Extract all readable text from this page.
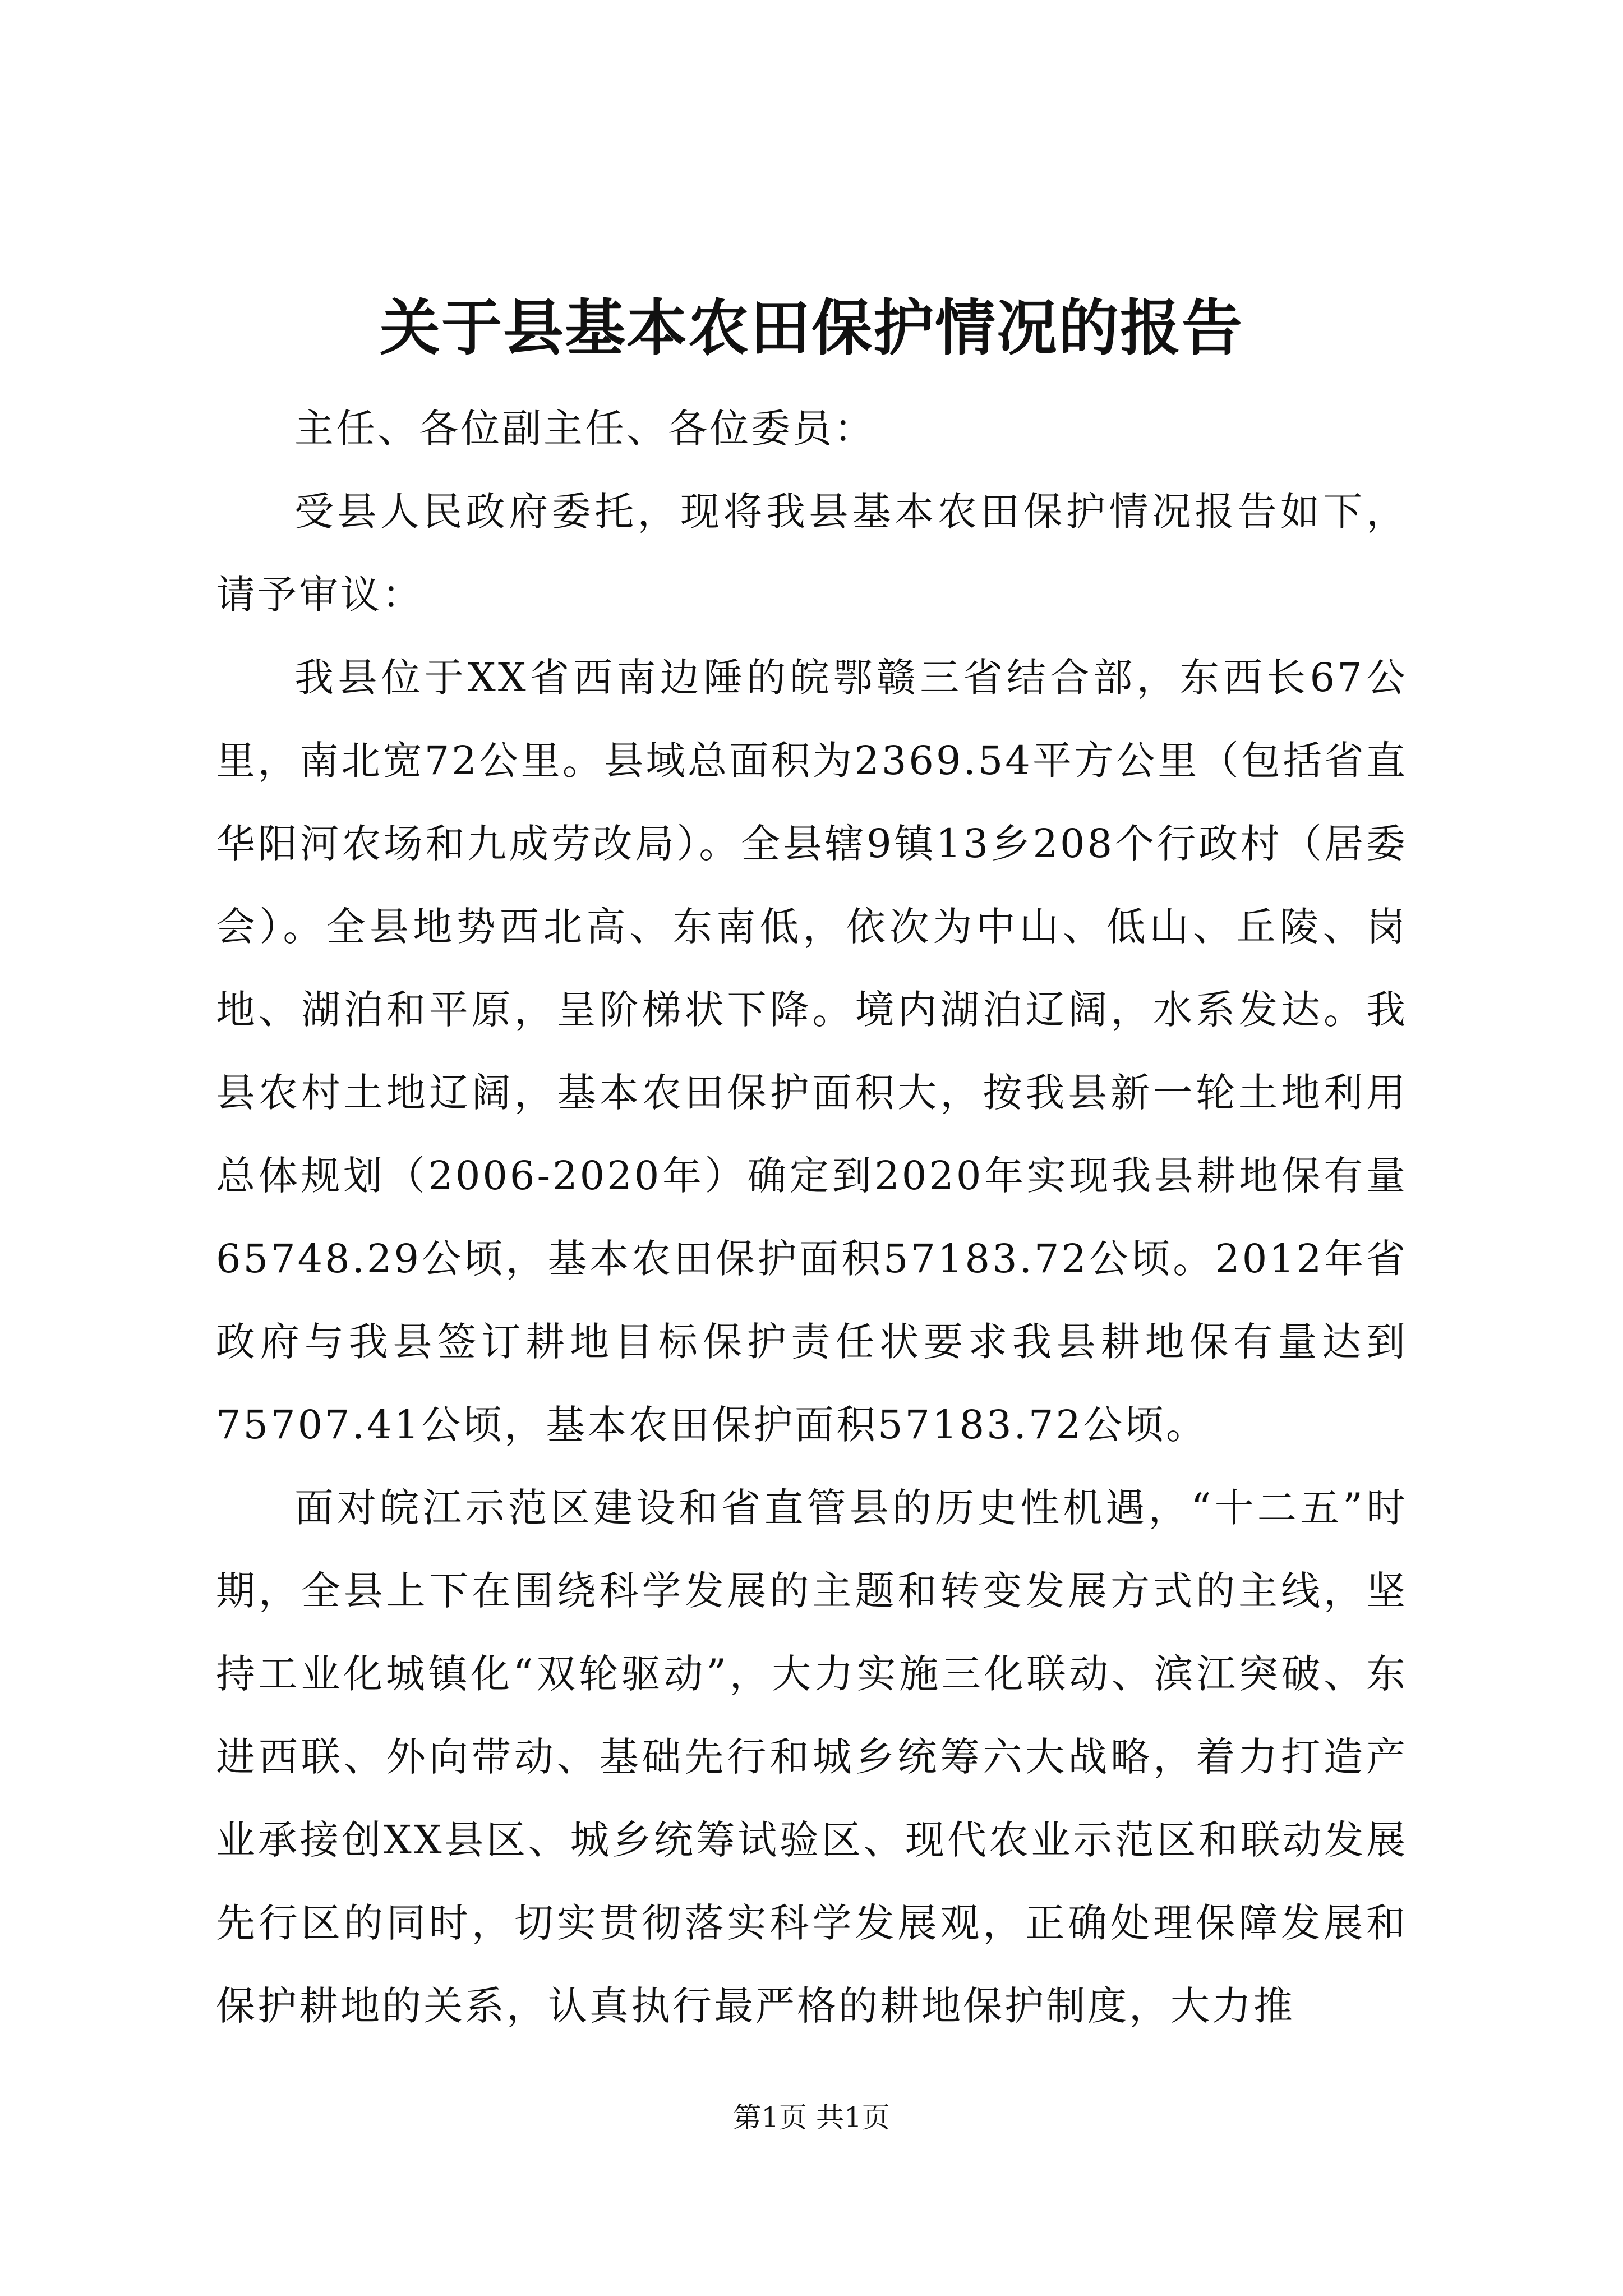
关于县基本农田保护情况的报告

主任、各位副主任、各位委员：

受县人民政府委托，现将我县基本农田保护情况报告如下，请予审议：

我县位于XX省西南边陲的皖鄂赣三省结合部，东西长67公里，南北宽72公里。县域总面积为2369.54平方公里（包括省直华阳河农场和九成劳改局）。全县辖9镇13乡208个行政村（居委会）。全县地势西北高、东南低，依次为中山、低山、丘陵、岗地、湖泊和平原，呈阶梯状下降。境内湖泊辽阔，水系发达。我县农村土地辽阔，基本农田保护面积大，按我县新一轮土地利用总体规划（2006-2020年）确定到2020年实现我县耕地保有量65748.29公顷，基本农田保护面积57183.72公顷。2012年省政府与我县签订耕地目标保护责任状要求我县耕地保有量达到75707.41公顷，基本农田保护面积57183.72公顷。

面对皖江示范区建设和省直管县的历史性机遇，“十二五”时期，全县上下在围绕科学发展的主题和转变发展方式的主线，坚持工业化城镇化“双轮驱动”，大力实施三化联动、滨江突破、东进西联、外向带动、基础先行和城乡统筹六大战略，着力打造产业承接创XX县区、城乡统筹试验区、现代农业示范区和联动发展先行区的同时，切实贯彻落实科学发展观，正确处理保障发展和保护耕地的关系，认真执行最严格的耕地保护制度，大力推

第1页 共1页
